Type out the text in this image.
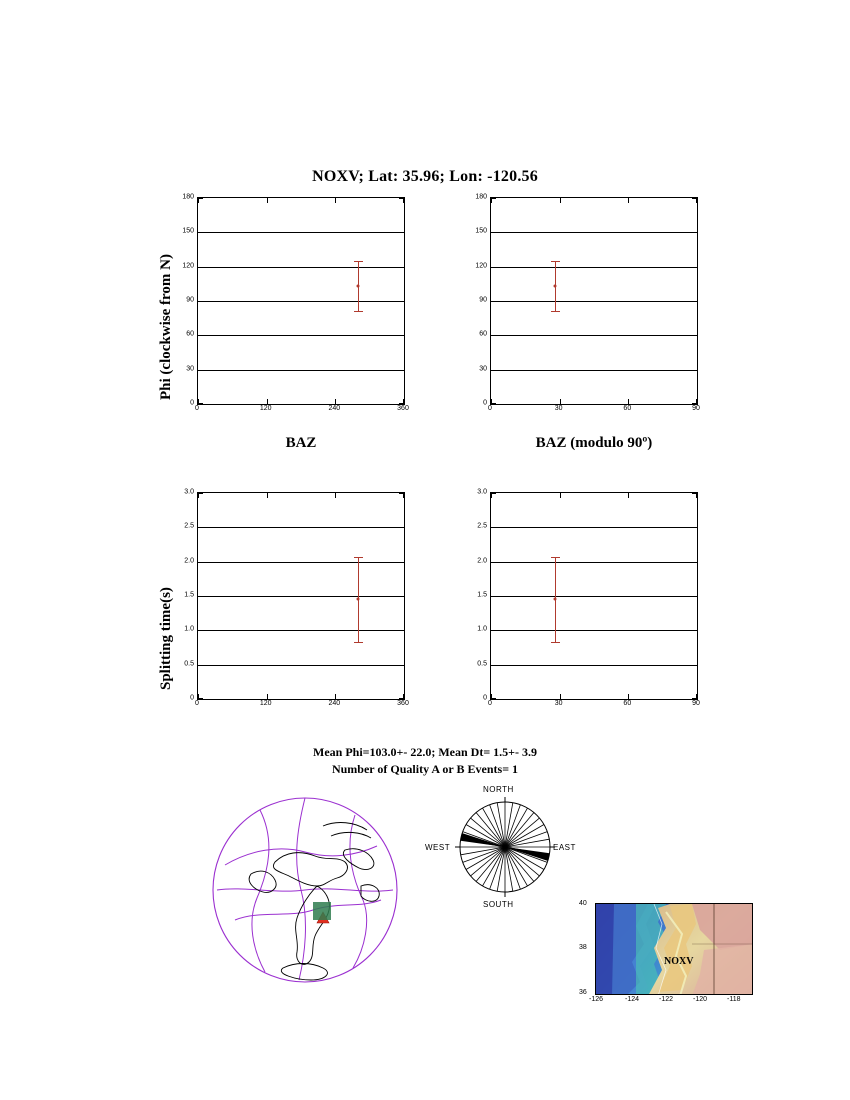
NOXV; Lat: 35.96; Lon: -120.56
Phi (clockwise from N)
Splitting time(s)
BAZ	BAZ (modulo 90º)
Mean Phi=103.0+- 22.0; Mean Dt= 1.5+- 3.9
Number of Quality A or B Events= 1
NORTH
SOUTH
EAST
WEST
NOXV
40
38
36
-126	-124	-122	-120	-118
0	120	240	360
0
30
60
90
120
150
180
0	30	60	90
0
30
60
90
120
150
180
0	120	240	360
0
0.5
1.0
1.5
2.0
2.5
3.0
0	30	60	90
0
0.5
1.0
1.5
2.0
2.5
3.0
